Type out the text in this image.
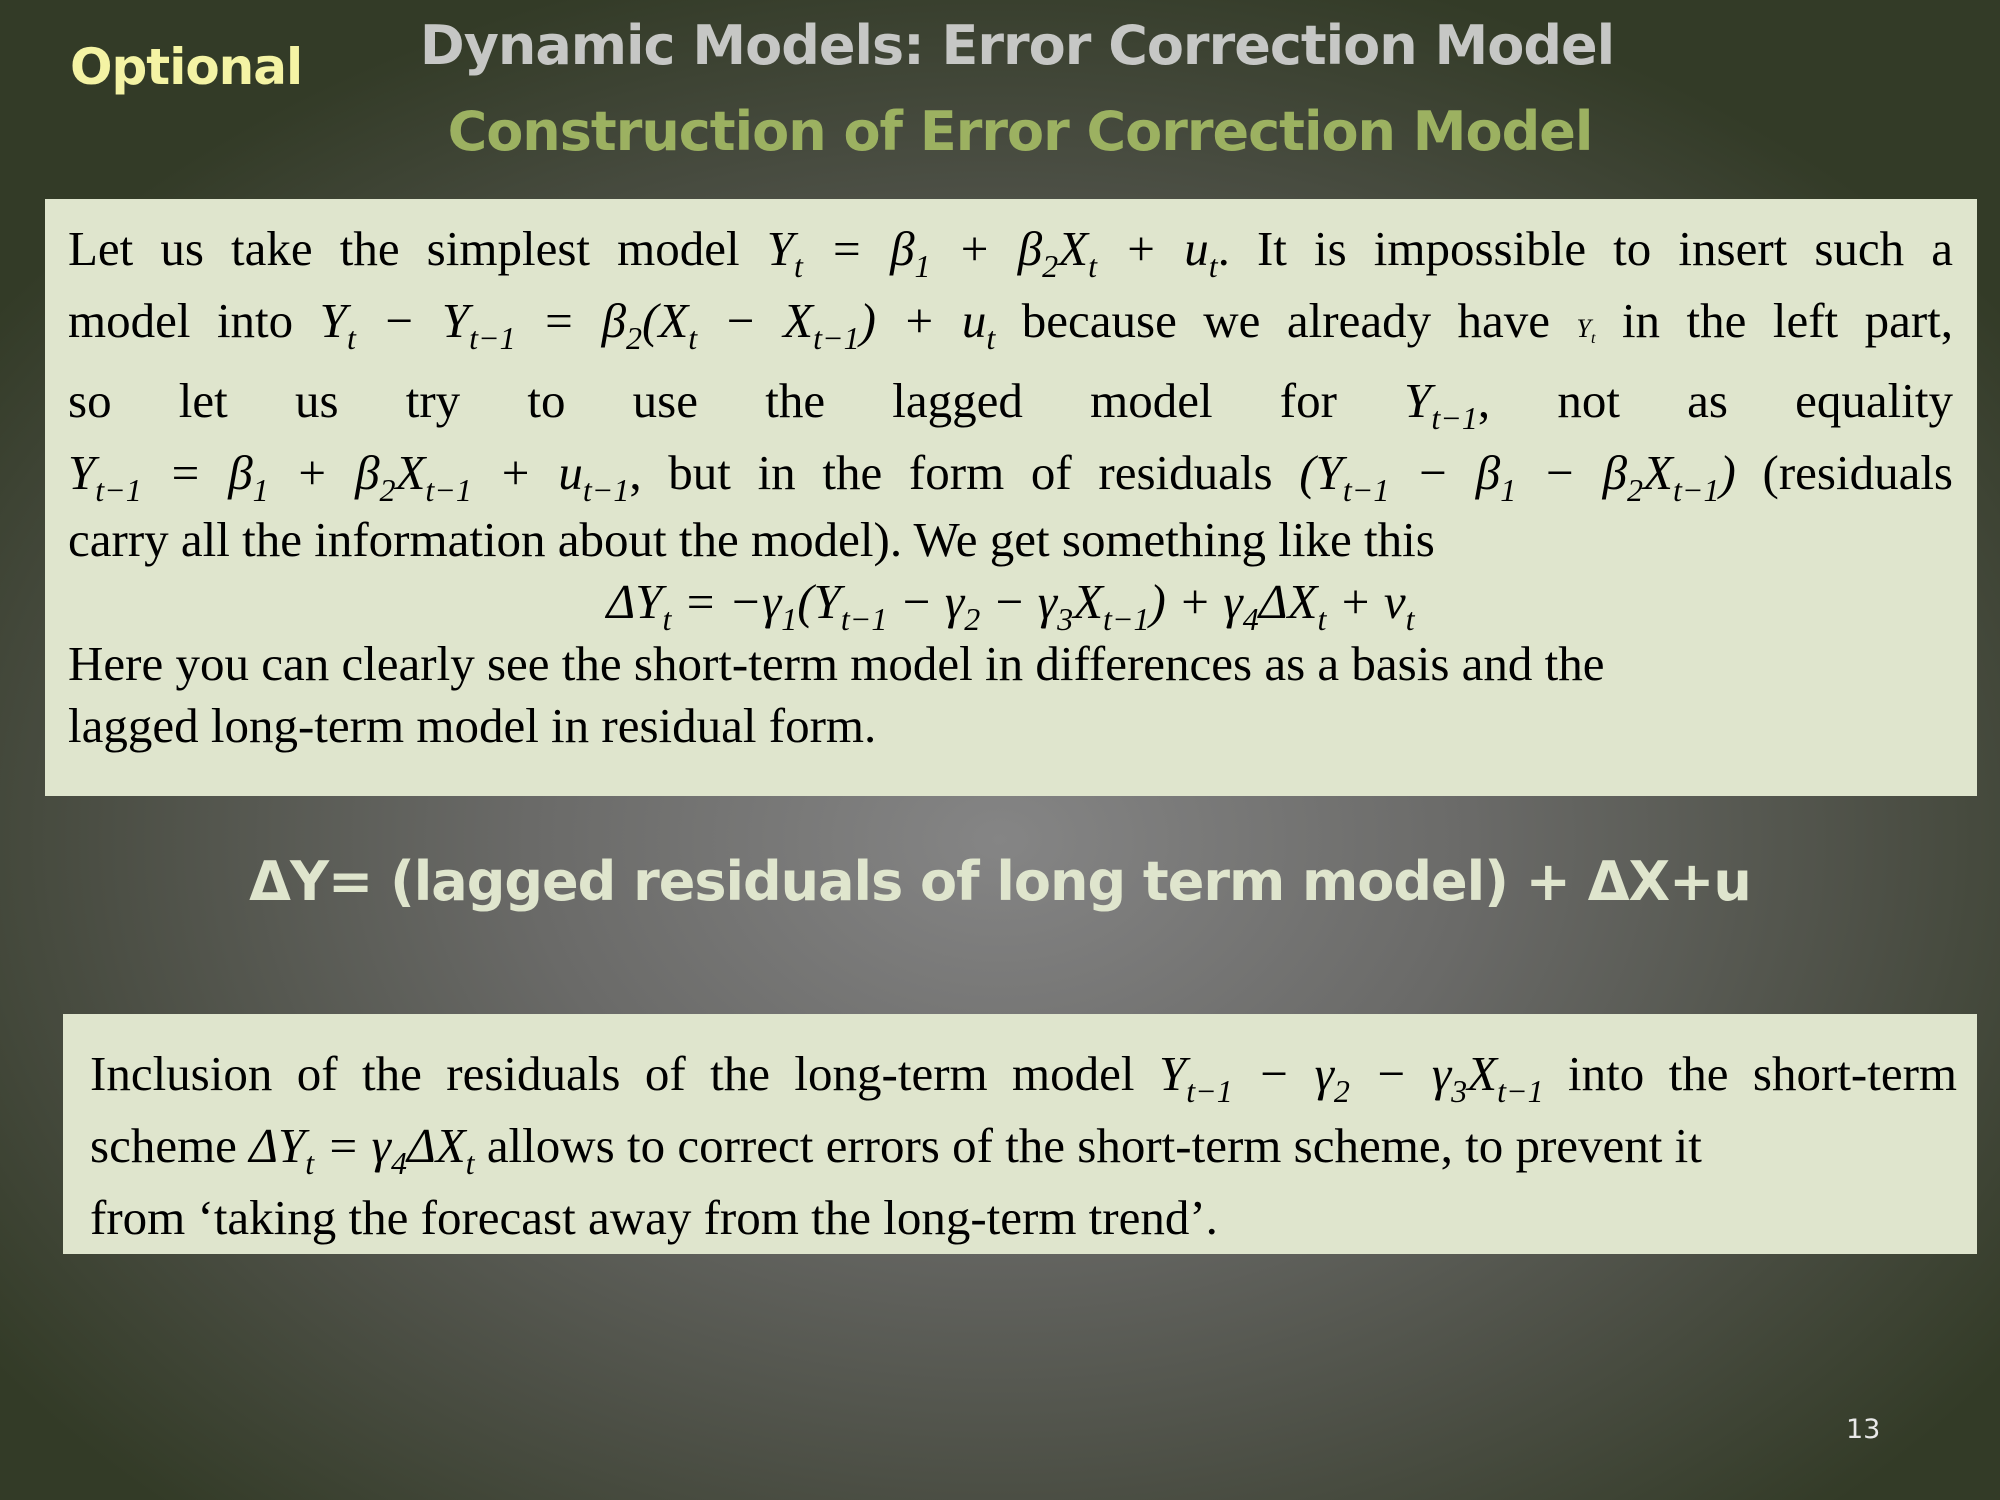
Optional	Dynamic Models: Error Correction Model
Construction of Error Correction Model

Let us take the simplest model $Y_t = \beta_1 + \beta_2X_t + u_t$. It is impossible to insert such a

model into $Y_t - Y_{t-1} = \beta_2(X_t - X_{t-1}) + u_t$ because we already have $Y_t$ in the left part,

so let us try to use the lagged model for $Y_{t-1}$, not as equality

$Y_{t-1} = \beta_1 + \beta_2X_{t-1} + u_{t-1}$, but in the form of residuals $(Y_{t-1} - \beta_1 - \beta_2X_{t-1})$ (residuals

carry all the information about the model). We get something like this

$\Delta Y_t = -\gamma_1(Y_{t-1} - \gamma_2 - \gamma_3X_{t-1}) + \gamma_4\Delta X_t + v_t$

Here you can clearly see the short-term model in differences as a basis and the

lagged long-term model in residual form.

ΔY= (lagged residuals of long term model) + ΔX+u

Inclusion of the residuals of the long-term model $Y_{t-1} - \gamma_2 - \gamma_3X_{t-1}$ into the short-term

scheme $\Delta Y_t = \gamma_4\Delta X_t$ allows to correct errors of the short-term scheme, to prevent it

from ‘taking the forecast away from the long-term trend’.

13
